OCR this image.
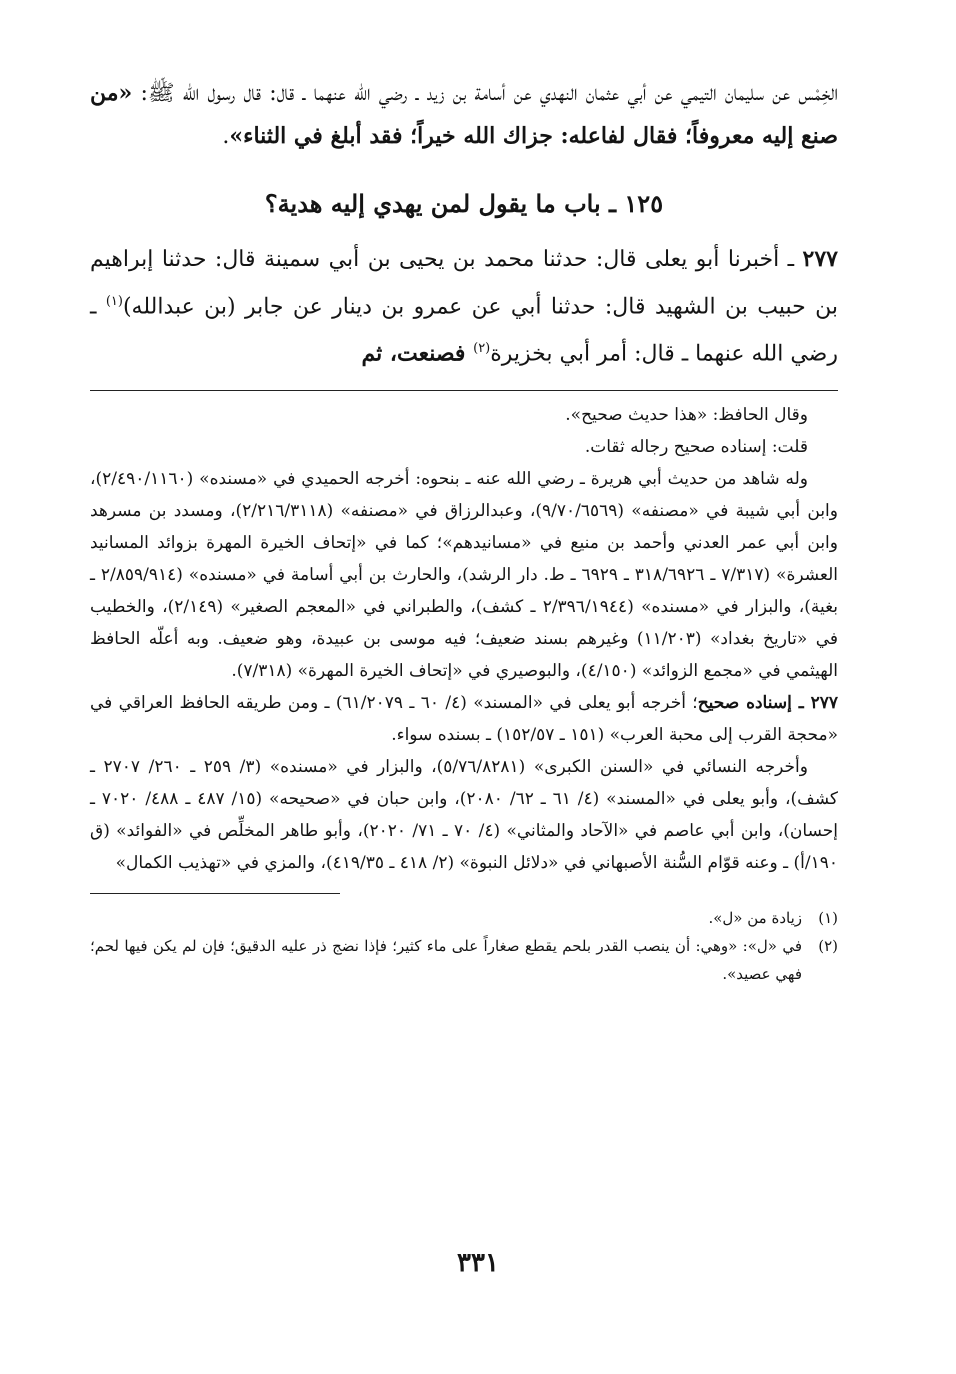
الخِمْس عن سليمان التيمي عن أبي عثمان النهدي عن أسامة بن زيد ـ رضي الله عنهما ـ قال: قال رسول الله ﷺ: «من صنع إليه معروفاً؛ فقال لفاعله: جزاك الله خيراً؛ فقد أبلغ في الثناء».

١٢٥ ـ باب ما يقول لمن يهدي إليه هدية؟

٢٧٧ ـ أخبرنا أبو يعلى قال: حدثنا محمد بن يحيى بن أبي سمينة قال: حدثنا إبراهيم بن حبيب بن الشهيد قال: حدثنا أبي عن عمرو بن دينار عن جابر (بن عبدالله)$^{(١)}$ ـ رضي الله عنهما ـ قال: أمر أبي بخزيرة$^{(٢)}$ فصنعت، ثم

وقال الحافظ: «هذا حديث صحيح».

قلت: إسناده صحيح رجاله ثقات.

وله شاهد من حديث أبي هريرة ـ رضي الله عنه ـ بنحوه: أخرجه الحميدي في «مسنده» (٢/٤٩٠/١١٦٠)، وابن أبي شيبة في «مصنفه» (٩/٧٠/٦٥٦٩)، وعبدالرزاق في «مصنفه» (٢/٢١٦/٣١١٨)، ومسدد بن مسرهد وابن أبي عمر العدني وأحمد بن منيع في «مسانيدهم»؛ كما في «إتحاف الخيرة المهرة بزوائد المسانيد العشرة» (٧/٣١٧ ـ ٣١٨/٦٩٢٦ ـ ٦٩٢٩ ـ ط. دار الرشد)، والحارث بن أبي أسامة في «مسنده» (٢/٨٥٩/٩١٤ ـ بغية)، والبزار في «مسنده» (٢/٣٩٦/١٩٤٤ ـ كشف)، والطبراني في «المعجم الصغير» (٢/١٤٩)، والخطيب في «تاريخ بغداد» (١١/٢٠٣) وغيرهم بسند ضعيف؛ فيه موسى بن عبيدة، وهو ضعيف. وبه أعلّه الحافظ الهيثمي في «مجمع الزوائد» (٤/١٥٠)، والبوصيري في «إتحاف الخيرة المهرة» (٧/٣١٨).

٢٧٧ ـ إسناده صحيح؛ أخرجه أبو يعلى في «المسند» (٤/ ٦٠ ـ ٦١/٢٠٧٩) ـ ومن طريقه الحافظ العراقي في «محجة القرب إلى محبة العرب» (١٥١ ـ ١٥٢/٥٧) ـ بسنده سواء.

وأخرجه النسائي في «السنن الكبرى» (٥/٧٦/٨٢٨١)، والبزار في «مسنده» (٣/ ٢٥٩ ـ ٢٦٠/ ٢٧٠٧ ـ كشف)، وأبو يعلى في «المسند» (٤/ ٦١ ـ ٦٢/ ٢٠٨٠)، وابن حبان في «صحيحه» (١٥/ ٤٨٧ ـ ٤٨٨/ ٧٠٢٠ ـ إحسان)، وابن أبي عاصم في «الآحاد والمثاني» (٤/ ٧٠ ـ ٧١/ ٢٠٢٠)، وأبو طاهر المخلِّص في «الفوائد» (ق ١٩٠/أ) ـ وعنه قوّام السُّنة الأصبهاني في «دلائل النبوة» (٢/ ٤١٨ ـ ٤١٩/٣٥)، والمزي في «تهذيب الكمال»

(١)
زيادة من «ل».
(٢)
في «ل»: «وهي: أن ينصب القدر بلحم يقطع صغاراً على ماء كثير؛ فإذا نضج ذر عليه الدقيق؛ فإن لم يكن فيها لحم؛ فهي عصيد».
٣٣١
